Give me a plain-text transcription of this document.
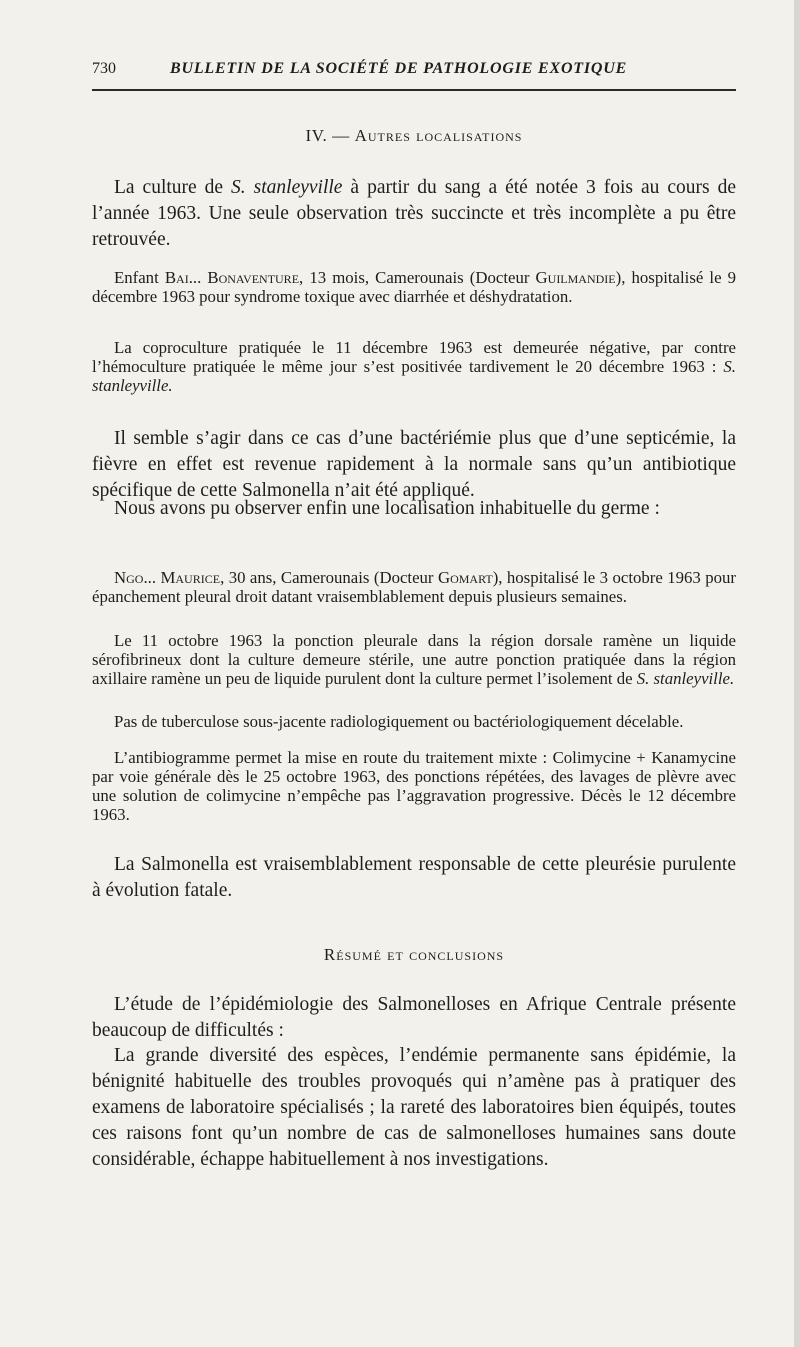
730	BULLETIN DE LA SOCIÉTÉ DE PATHOLOGIE EXOTIQUE
IV. — Autres localisations

La culture de S. stanleyville à partir du sang a été notée 3 fois au cours de l’année 1963. Une seule observation très succincte et très incomplète a pu être retrouvée.

Enfant Bai... Bonaventure, 13 mois, Camerounais (Docteur Guilmandie), hospitalisé le 9 décembre 1963 pour syndrome toxique avec diarrhée et déshydratation.

La coproculture pratiquée le 11 décembre 1963 est demeurée négative, par contre l’hémoculture pratiquée le même jour s’est positivée tardivement le 20 décembre 1963 : S. stanleyville.

Il semble s’agir dans ce cas d’une bactériémie plus que d’une septicémie, la fièvre en effet est revenue rapidement à la normale sans qu’un antibiotique spécifique de cette Salmonella n’ait été appliqué.

Nous avons pu observer enfin une localisation inhabituelle du germe :

Ngo... Maurice, 30 ans, Camerounais (Docteur Gomart), hospitalisé le 3 octobre 1963 pour épanchement pleural droit datant vraisemblablement depuis plusieurs semaines.

Le 11 octobre 1963 la ponction pleurale dans la région dorsale ramène un liquide sérofibrineux dont la culture demeure stérile, une autre ponction pratiquée dans la région axillaire ramène un peu de liquide purulent dont la culture permet l’isolement de S. stanleyville.

Pas de tuberculose sous-jacente radiologiquement ou bactériologiquement décelable.

L’antibiogramme permet la mise en route du traitement mixte : Colimycine + Kanamycine par voie générale dès le 25 octobre 1963, des ponctions répétées, des lavages de plèvre avec une solution de colimycine n’empêche pas l’aggravation progressive. Décès le 12 décembre 1963.

La Salmonella est vraisemblablement responsable de cette pleurésie purulente à évolution fatale.

Résumé et conclusions

L’étude de l’épidémiologie des Salmonelloses en Afrique Centrale présente beaucoup de difficultés :

La grande diversité des espèces, l’endémie permanente sans épidémie, la bénignité habituelle des troubles provoqués qui n’amène pas à pratiquer des examens de laboratoire spécialisés ; la rareté des laboratoires bien équipés, toutes ces raisons font qu’un nombre de cas de salmonelloses humaines sans doute considérable, échappe habituellement à nos investigations.
